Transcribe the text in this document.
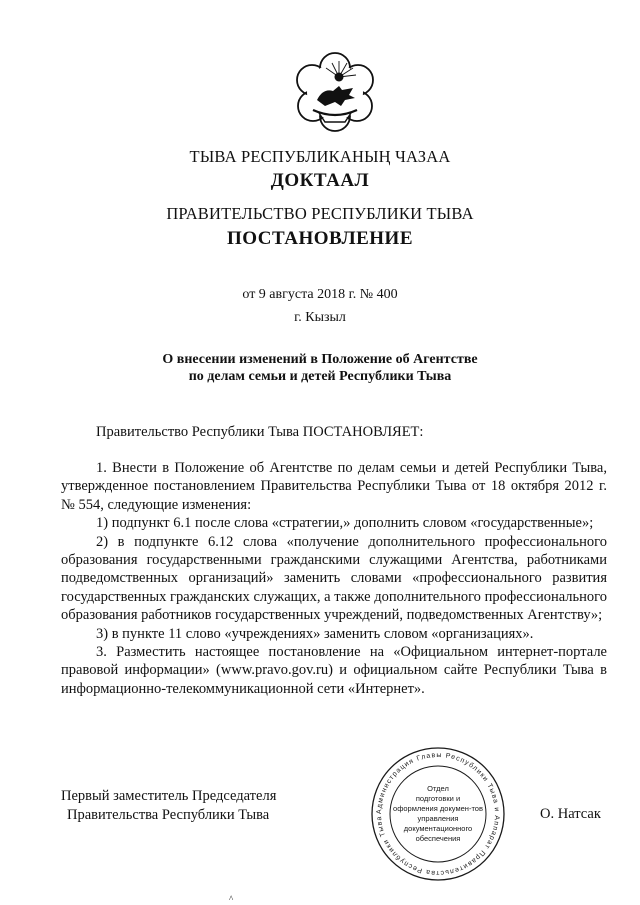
ТЫВА РЕСПУБЛИКАНЫҢ ЧАЗАА
ДОКТААЛ
ПРАВИТЕЛЬСТВО РЕСПУБЛИКИ ТЫВА
ПОСТАНОВЛЕНИЕ
от 9 августа 2018 г. № 400
г. Кызыл
О внесении изменений в Положение об Агентстве
по делам семьи и детей Республики Тыва
Правительство Республики Тыва ПОСТАНОВЛЯЕТ:

1. Внести в Положение об Агентстве по делам семьи и детей Республики Тыва, утвержденное постановлением Правительства Республики Тыва от 18 октября 2012 г. № 554, следующие изменения:

1) подпункт 6.1 после слова «стратегии,» дополнить словом «государственные»;

2) в подпункте 6.12 слова «получение дополнительного профессионального образования государственными гражданскими служащими Агентства, работниками подведомственных организаций» заменить словами «профессионального развития государственных гражданских служащих, а также дополнительного профессионального образования работников государственных учреждений, подведомственных Агентству»;

3) в пункте 11 слово «учреждениях» заменить словом «организациях».

3. Разместить настоящее постановление на «Официальном интернет-портале правовой информации» (www.pravo.gov.ru) и официальном сайте Республики Тыва в информационно-телекоммуникационной сети «Интернет».

Первый заместитель Председателя
Правительства Республики Тыва	О. Натсак
Администрация Главы Республики Тыва и Аппарат Правительства Республики Тыва
Отдел
подготовки и
оформления докумен-тов
управления
документационного
обеспечения
^
